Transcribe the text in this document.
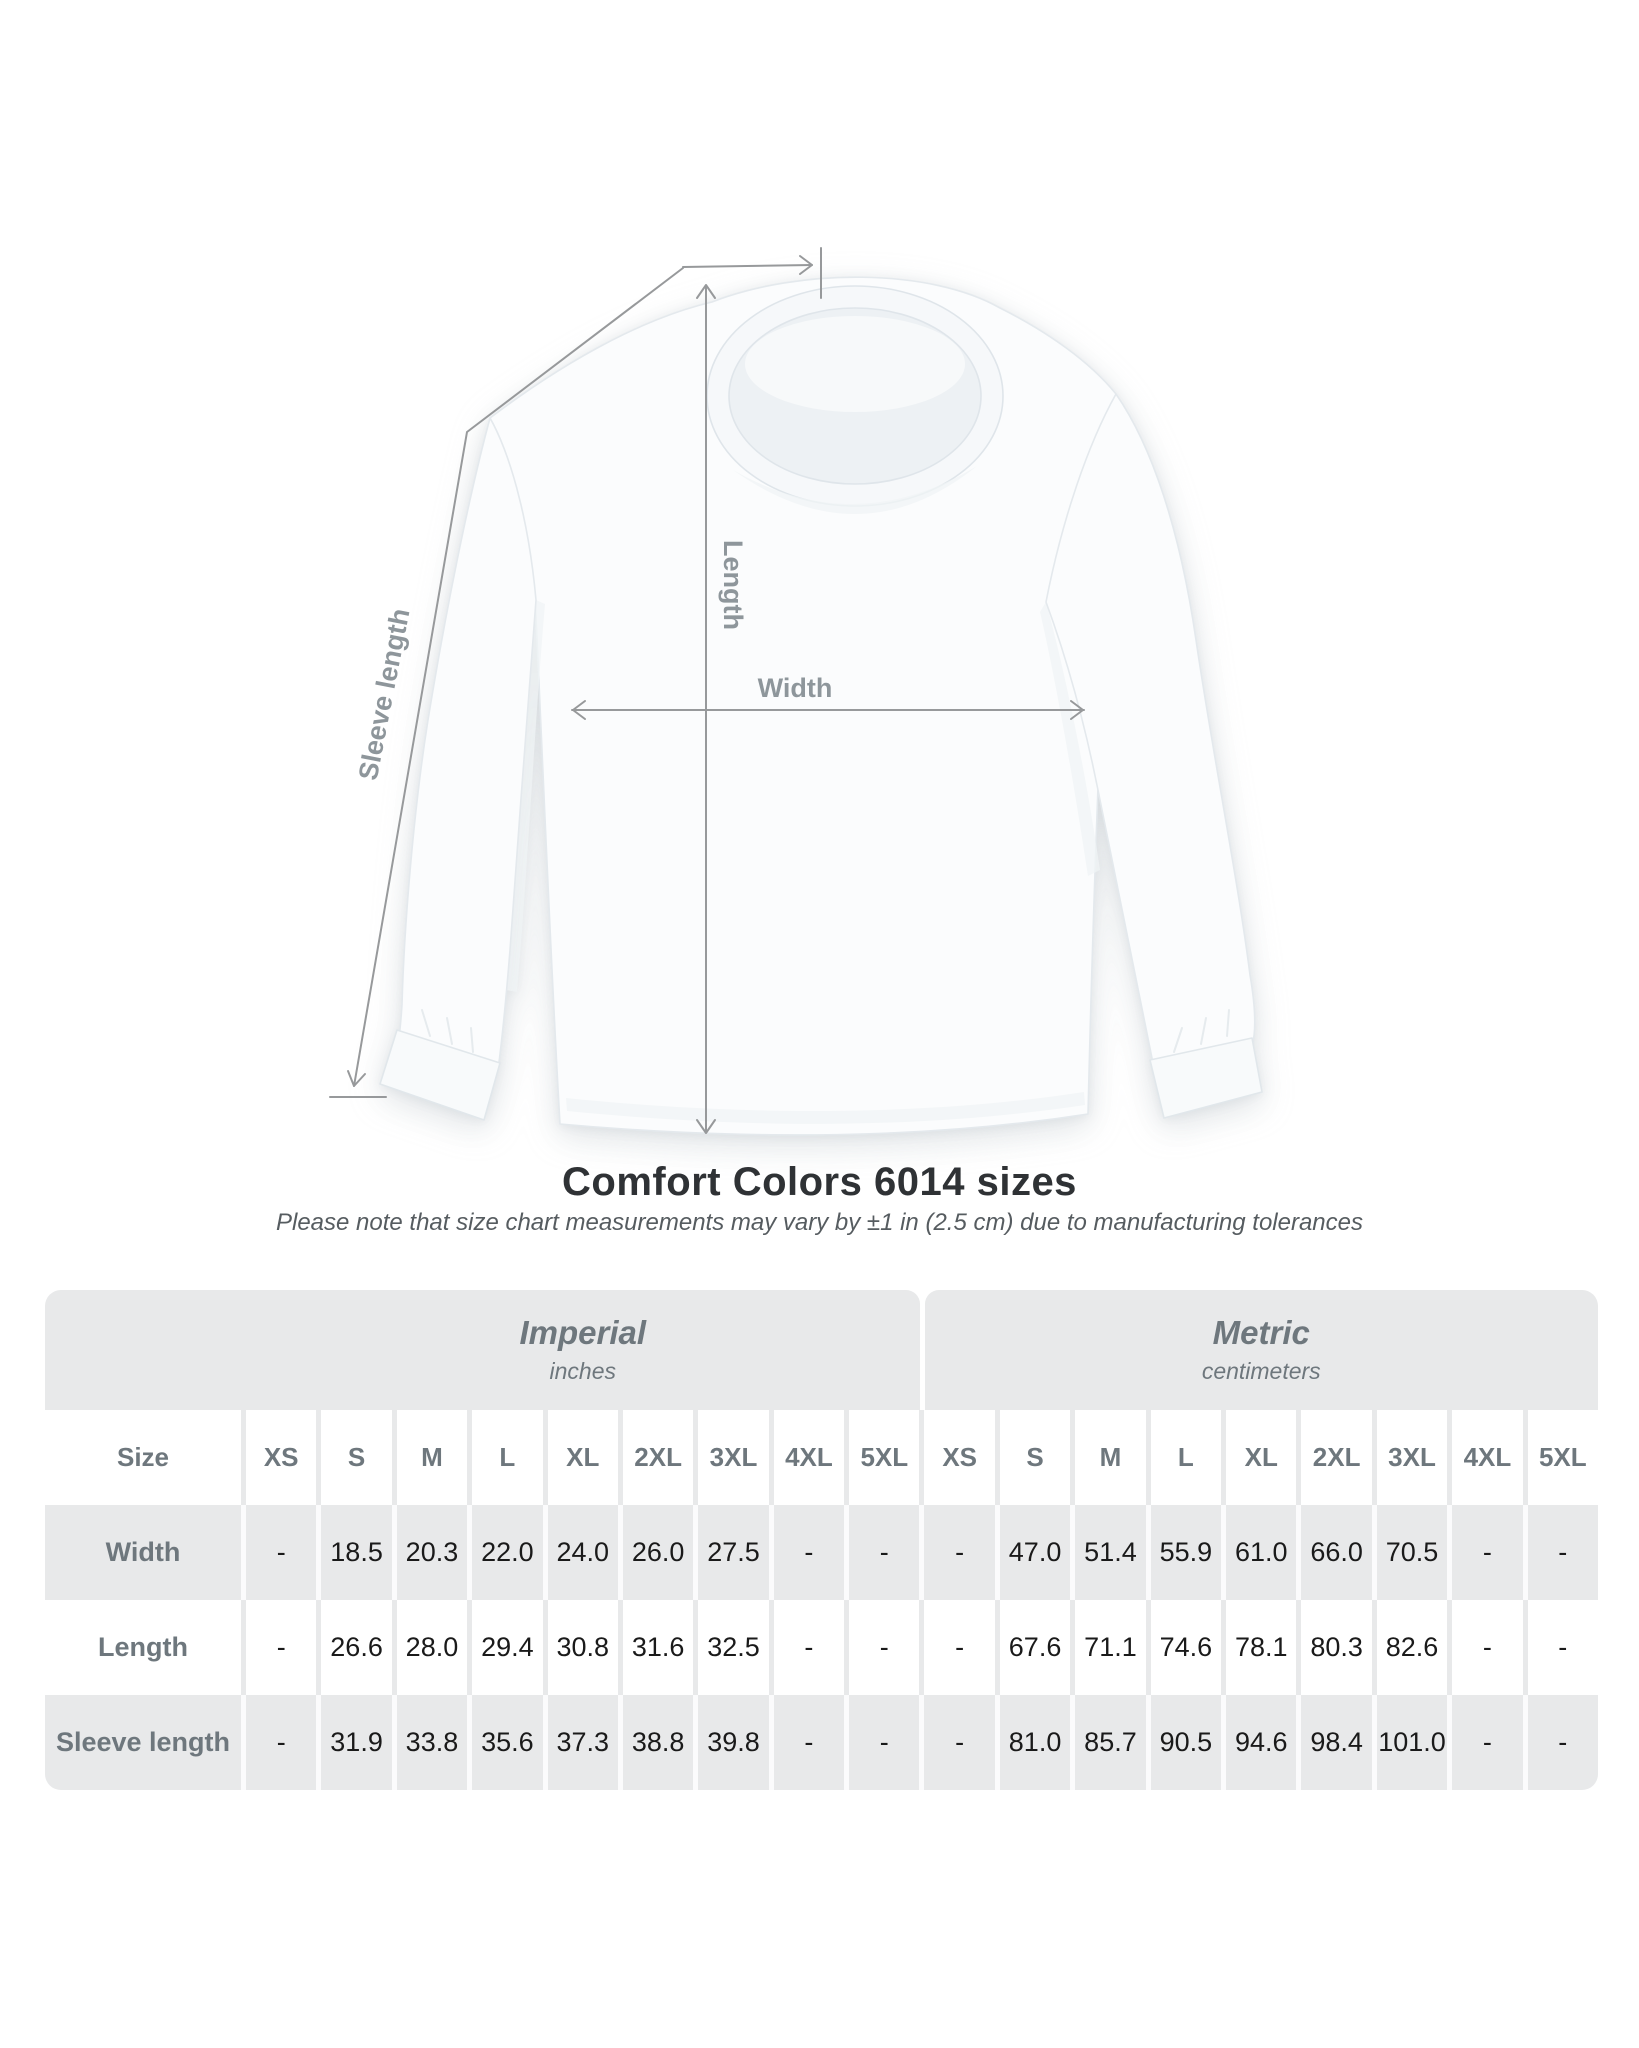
Width
Length
Sleeve length
Comfort Colors 6014 sizes

Please note that size chart measurements may vary by ±1 in (2.5 cm) due to manufacturing tolerances

Imperial
inches
Metric
centimeters
Size	XS	S	M	L	XL	2XL	3XL	4XL	5XL	XS	S	M	L	XL	2XL	3XL	4XL	5XL
Width	-	18.5 20.3 22.0 24.0 26.0 27.5	-	-	-	47.0 51.4 55.9 61.0 66.0 70.5	-	-
Length	-	26.6 28.0 29.4 30.8 31.6 32.5	-	-	-	67.6 71.1 74.6 78.1 80.3 82.6	-	-
Sleeve length	-	31.9 33.8 35.6 37.3 38.8 39.8	-	-	-	81.0 85.7 90.5 94.6 98.4 101.0	-	-
